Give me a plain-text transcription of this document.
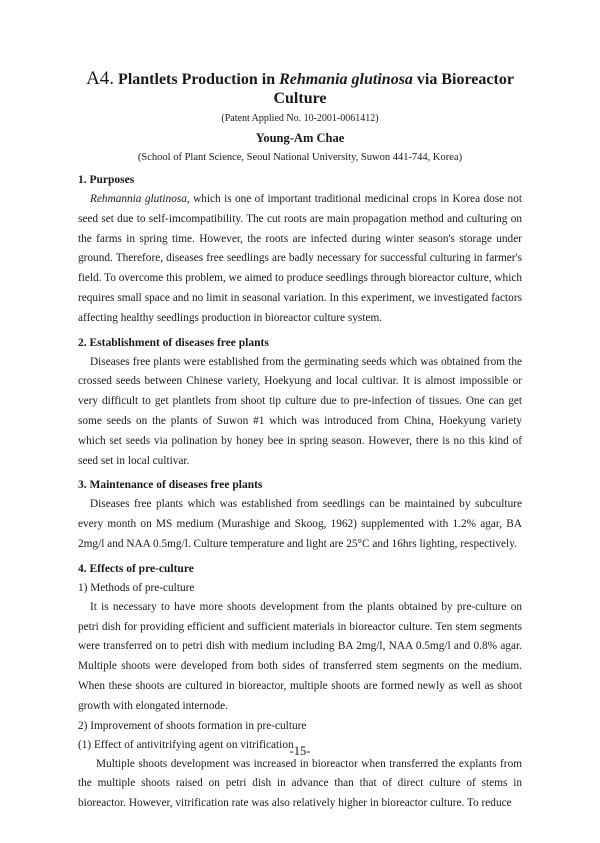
A4. Plantlets Production in Rehmania glutinosa via Bioreactor Culture
(Patent Applied No. 10-2001-0061412)
Young-Am Chae
(School of Plant Science, Seoul National University, Suwon 441-744, Korea)
1. Purposes

Rehmannia glutinosa, which is one of important traditional medicinal crops in Korea dose not seed set due to self-imcompatibility. The cut roots are main propagation method and culturing on the farms in spring time. However, the roots are infected during winter season's storage under ground. Therefore, diseases free seedlings are badly necessary for successful culturing in farmer's field. To overcome this problem, we aimed to produce seedlings through bioreactor culture, which requires small space and no limit in seasonal variation. In this experiment, we investigated factors affecting healthy seedlings production in bioreactor culture system.

2. Establishment of diseases free plants

Diseases free plants were established from the germinating seeds which was obtained from the crossed seeds between Chinese variety, Hoekyung and local cultivar. It is almost impossible or very difficult to get plantlets from shoot tip culture due to pre-infection of tissues. One can get some seeds on the plants of Suwon #1 which was introduced from China, Hoekyung variety which set seeds via polination by honey bee in spring season. However, there is no this kind of seed set in local cultivar.

3. Maintenance of diseases free plants

Diseases free plants which was established from seedlings can be maintained by subculture every month on MS medium (Murashige and Skoog, 1962) supplemented with 1.2% agar, BA 2mg/l and NAA 0.5mg/l. Culture temperature and light are 25°C and 16hrs lighting, respectively.

4. Effects of pre-culture
1) Methods of pre-culture

It is necessary to have more shoots development from the plants obtained by pre-culture on petri dish for providing efficient and sufficient materials in bioreactor culture. Ten stem segments were transferred on to petri dish with medium including BA 2mg/l, NAA 0.5mg/l and 0.8% agar. Multiple shoots were developed from both sides of transferred stem segments on the medium. When these shoots are cultured in bioreactor, multiple shoots are formed newly as well as shoot growth with elongated internode.

2) Improvement of shoots formation in pre-culture
(1) Effect of antivitrifying agent on vitrification

Multiple shoots development was increased in bioreactor when transferred the explants from the multiple shoots raised on petri dish in advance than that of direct culture of stems in bioreactor. However, vitrification rate was also relatively higher in bioreactor culture. To reduce

-15-
